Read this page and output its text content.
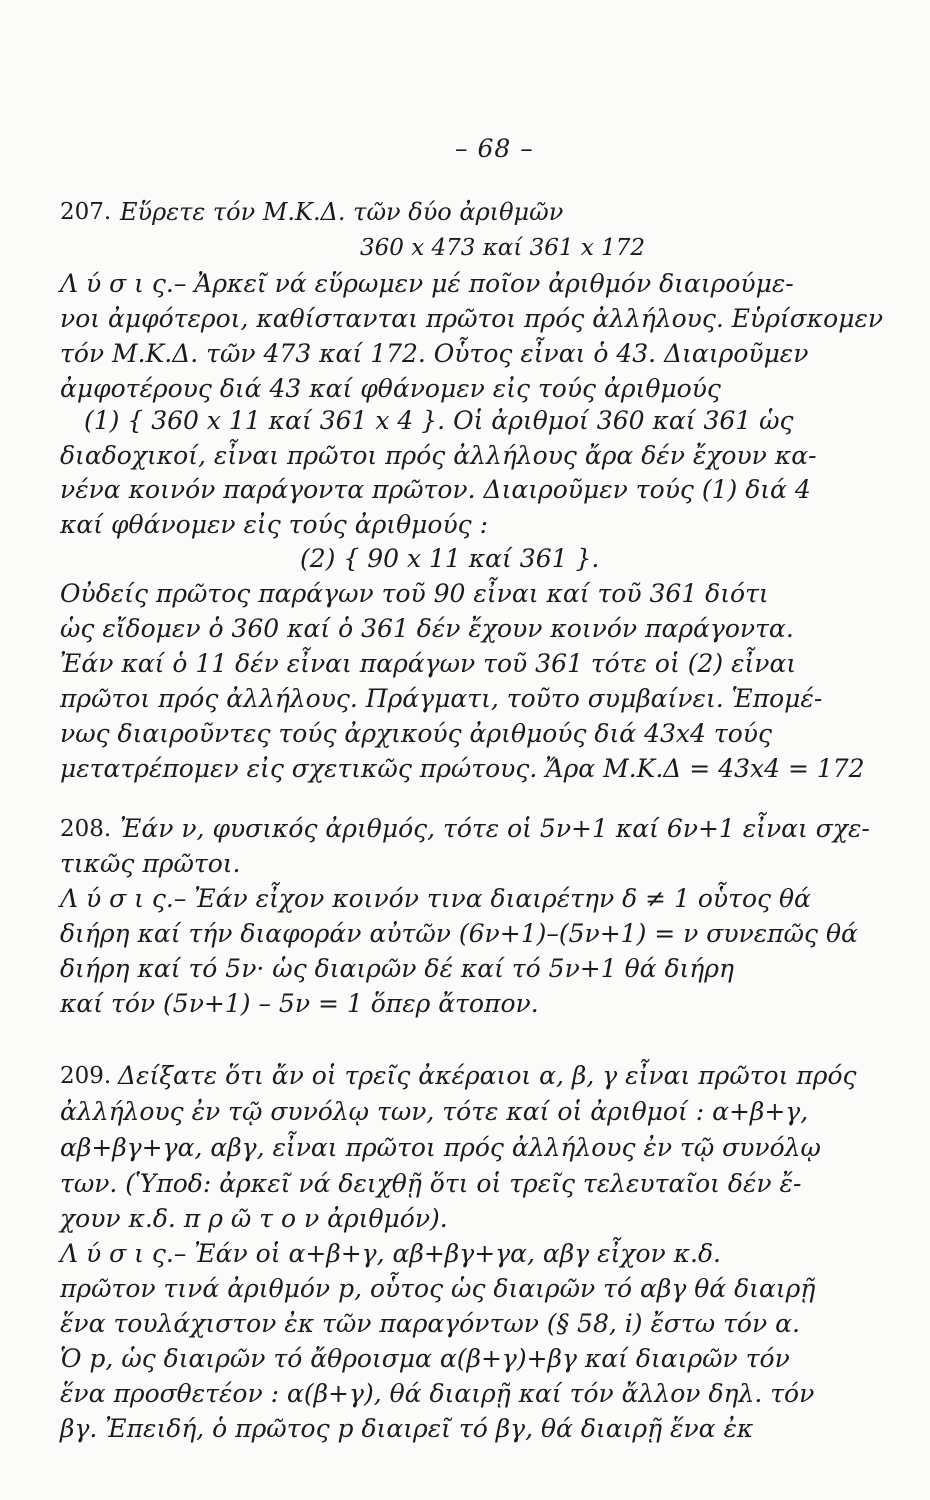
– 68 –
207. Εὕρετε τόν Μ.Κ.Δ. τῶν δύο ἀριθμῶν
360 x 473 καί 361 x 172
Λ ύ σ ι ς.– Ἀρκεῖ νά εὕρωμεν μέ ποῖον ἀριθμόν διαιρούμε-
νοι ἀμφότεροι, καθίστανται πρῶτοι πρός ἀλλήλους. Εὑρίσκομεν
τόν Μ.Κ.Δ. τῶν 473 καί 172. Οὗτος εἶναι ὁ 43. Διαιροῦμεν
ἀμφοτέρους διά 43 καί φθάνομεν εἰς τούς ἀριθμούς
(1) { 360 x 11 καί 361 x 4 }. Οἱ ἀριθμοί 360 καί 361 ὡς
διαδοχικοί, εἶναι πρῶτοι πρός ἀλλήλους ἄρα δέν ἔχουν κα-
νένα κοινόν παράγοντα πρῶτον. Διαιροῦμεν τούς (1) διά 4
καί φθάνομεν εἰς τούς ἀριθμούς :
(2) { 90 x 11 καί 361 }.
Οὐδείς πρῶτος παράγων τοῦ 90 εἶναι καί τοῦ 361 διότι
ὡς εἴδομεν ὁ 360 καί ὁ 361 δέν ἔχουν κοινόν παράγοντα.
Ἐάν καί ὁ 11 δέν εἶναι παράγων τοῦ 361 τότε οἱ (2) εἶναι
πρῶτοι πρός ἀλλήλους. Πράγματι, τοῦτο συμβαίνει. Ἑπομέ-
νως διαιροῦντες τούς ἀρχικούς ἀριθμούς διά 43x4 τούς
μετατρέπομεν εἰς σχετικῶς πρώτους. Ἄρα Μ.Κ.Δ = 43x4 = 172
208. Ἐάν ν, φυσικός ἀριθμός, τότε οἱ 5ν+1 καί 6ν+1 εἶναι σχε-
τικῶς πρῶτοι.
Λ ύ σ ι ς.– Ἐάν εἶχον κοινόν τινα διαιρέτην δ ≠ 1 οὗτος θά
διήρη καί τήν διαφοράν αὐτῶν (6ν+1)–(5ν+1) = ν συνεπῶς θά
διήρη καί τό 5ν· ὡς διαιρῶν δέ καί τό 5ν+1 θά διήρη
καί τόν (5ν+1) – 5ν = 1 ὅπερ ἄτοπον.
209. Δείξατε ὅτι ἄν οἱ τρεῖς ἀκέραιοι α, β, γ εἶναι πρῶτοι πρός
ἀλλήλους ἐν τῷ συνόλῳ των, τότε καί οἱ ἀριθμοί : α+β+γ,
αβ+βγ+γα, αβγ, εἶναι πρῶτοι πρός ἀλλήλους ἐν τῷ συνόλῳ
των. (Ὑποδ: ἀρκεῖ νά δειχθῇ ὅτι οἱ τρεῖς τελευταῖοι δέν ἔ-
χουν κ.δ. π ρ ῶ τ ο ν ἀριθμόν).
Λ ύ σ ι ς.– Ἐάν οἱ α+β+γ, αβ+βγ+γα, αβγ εἶχον κ.δ.
πρῶτον τινά ἀριθμόν p, οὗτος ὡς διαιρῶν τό αβγ θά διαιρῇ
ἕνα τουλάχιστον ἐκ τῶν παραγόντων (§ 58, i) ἔστω τόν α.
Ὁ p, ὡς διαιρῶν τό ἄθροισμα α(β+γ)+βγ καί διαιρῶν τόν
ἕνα προσθετέον : α(β+γ), θά διαιρῇ καί τόν ἄλλον δηλ. τόν
βγ. Ἐπειδή, ὁ πρῶτος p διαιρεῖ τό βγ, θά διαιρῇ ἕνα ἐκ
